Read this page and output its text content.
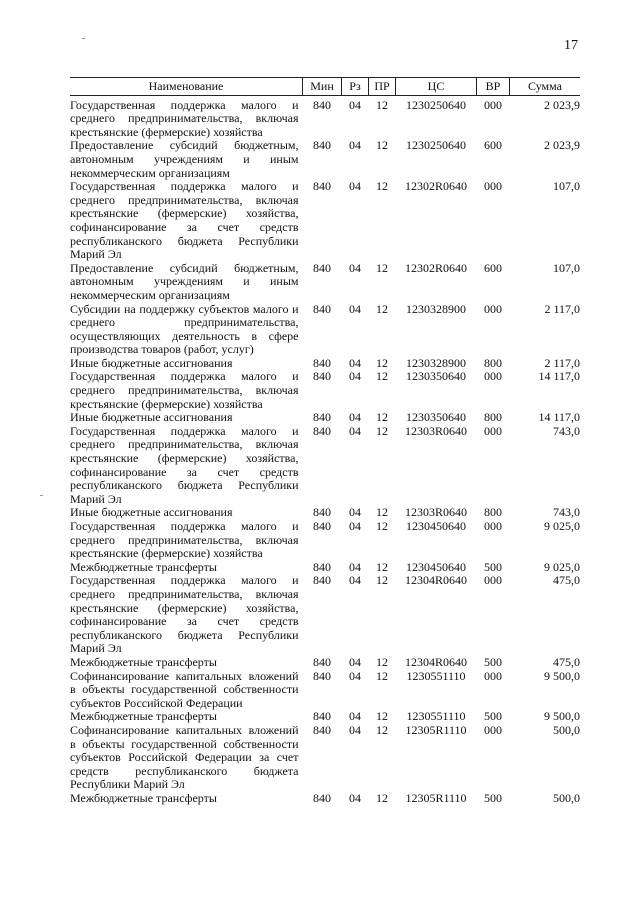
17
Наименование	Мин	Рз	ПР	ЦС	ВР	Сумма
Государственная поддержка малого и среднего предпринимательства, включая крестьянские (фермерские) хозяйства	840	04	12	1230250640	000	2 023,9
Предоставление субсидий бюджетным, автономным учреждениям и иным некоммерческим организациям	840	04	12	1230250640	600	2 023,9
Государственная поддержка малого и среднего предпринимательства, включая крестьянские (фермерские) хозяйства, софинансирование за счет средств республиканского бюджета Республики Марий Эл	840	04	12	12302R0640	000	107,0
Предоставление субсидий бюджетным, автономным учреждениям и иным некоммерческим организациям	840	04	12	12302R0640	600	107,0
Субсидии на поддержку субъектов малого и среднего предпринимательства, осуществляющих деятельность в сфере производства товаров (работ, услуг)	840	04	12	1230328900	000	2 117,0
Иные бюджетные ассигнования	840	04	12	1230328900	800	2 117,0
Государственная поддержка малого и среднего предпринимательства, включая крестьянские (фермерские) хозяйства	840	04	12	1230350640	000	14 117,0
Иные бюджетные ассигнования	840	04	12	1230350640	800	14 117,0
Государственная поддержка малого и среднего предпринимательства, включая крестьянские (фермерские) хозяйства, софинансирование за счет средств республиканского бюджета Республики Марий Эл	840	04	12	12303R0640	000	743,0
Иные бюджетные ассигнования	840	04	12	12303R0640	800	743,0
Государственная поддержка малого и среднего предпринимательства, включая крестьянские (фермерские) хозяйства	840	04	12	1230450640	000	9 025,0
Межбюджетные трансферты	840	04	12	1230450640	500	9 025,0
Государственная поддержка малого и среднего предпринимательства, включая крестьянские (фермерские) хозяйства, софинансирование за счет средств республиканского бюджета Республики Марий Эл	840	04	12	12304R0640	000	475,0
Межбюджетные трансферты	840	04	12	12304R0640	500	475,0
Софинансирование капитальных вложений в объекты государственной собственности субъектов Российской Федерации	840	04	12	1230551110	000	9 500,0
Межбюджетные трансферты	840	04	12	1230551110	500	9 500,0
Софинансирование капитальных вложений в объекты государственной собственности субъектов Российской Федерации за счет средств республиканского бюджета Республики Марий Эл	840	04	12	12305R1110	000	500,0
Межбюджетные трансферты	840	04	12	12305R1110	500	500,0
